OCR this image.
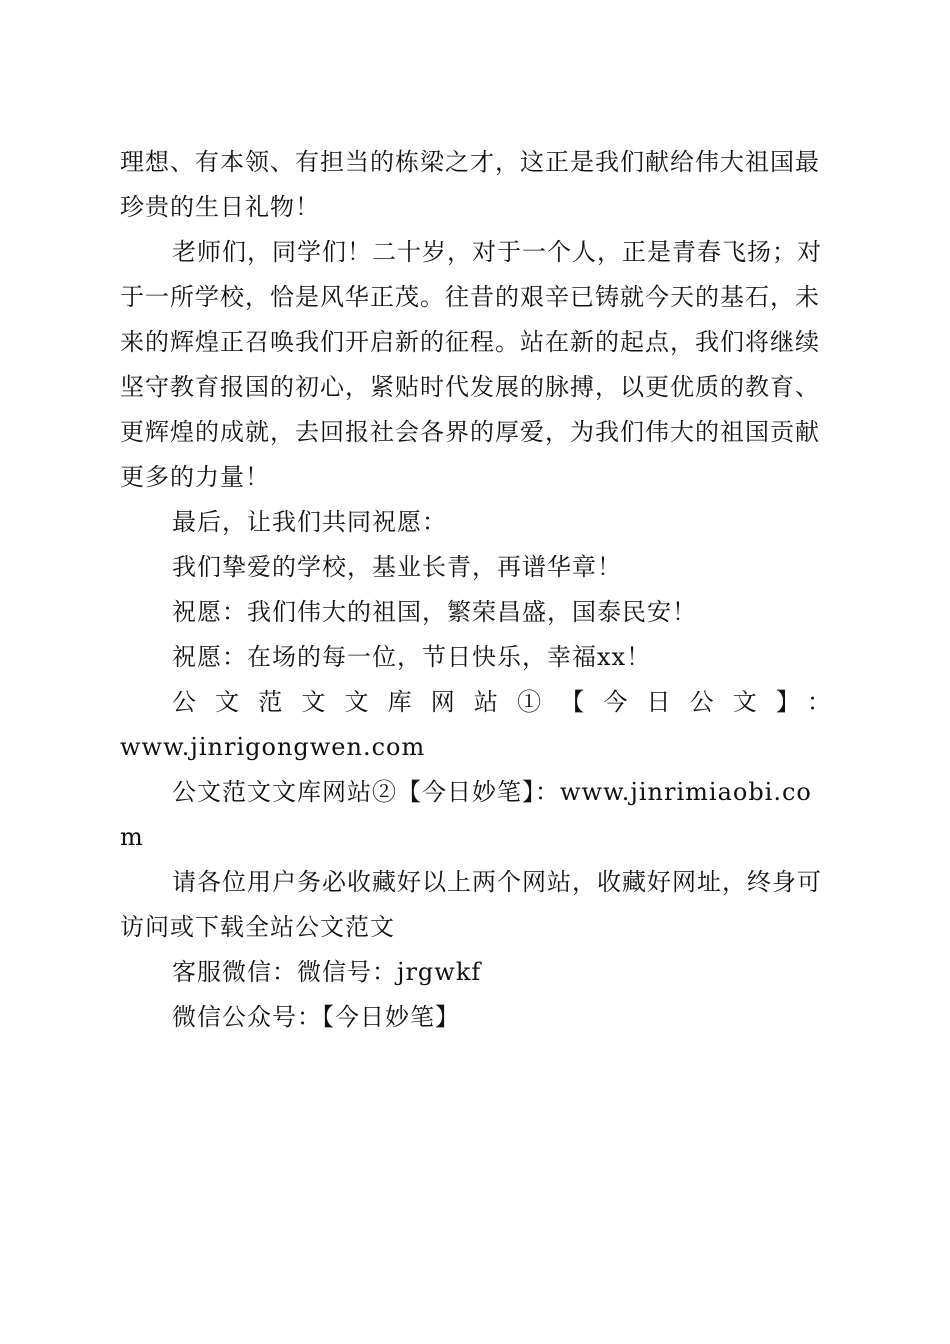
理想、有本领、有担当的栋梁之才，这正是我们献给伟大祖国最珍贵的生日礼物！

老师们，同学们！二十岁，对于一个人，正是青春飞扬；对于一所学校，恰是风华正茂。往昔的艰辛已铸就今天的基石，未来的辉煌正召唤我们开启新的征程。站在新的起点，我们将继续坚守教育报国的初心，紧贴时代发展的脉搏，以更优质的教育、更辉煌的成就，去回报社会各界的厚爱，为我们伟大的祖国贡献更多的力量！

最后，让我们共同祝愿：

我们挚爱的学校，基业长青，再谱华章！

祝愿：我们伟大的祖国，繁荣昌盛，国泰民安！

祝愿：在场的每一位，节日快乐，幸福xx！

公文范文文库网站①【今日公文】：

www.jinrigongwen.com

公文范文文库网站②【今日妙笔】：www.jinrimiaobi.com

请各位用户务必收藏好以上两个网站，收藏好网址，终身可访问或下载全站公文范文

客服微信：微信号：jrgwkf

微信公众号：【今日妙笔】
